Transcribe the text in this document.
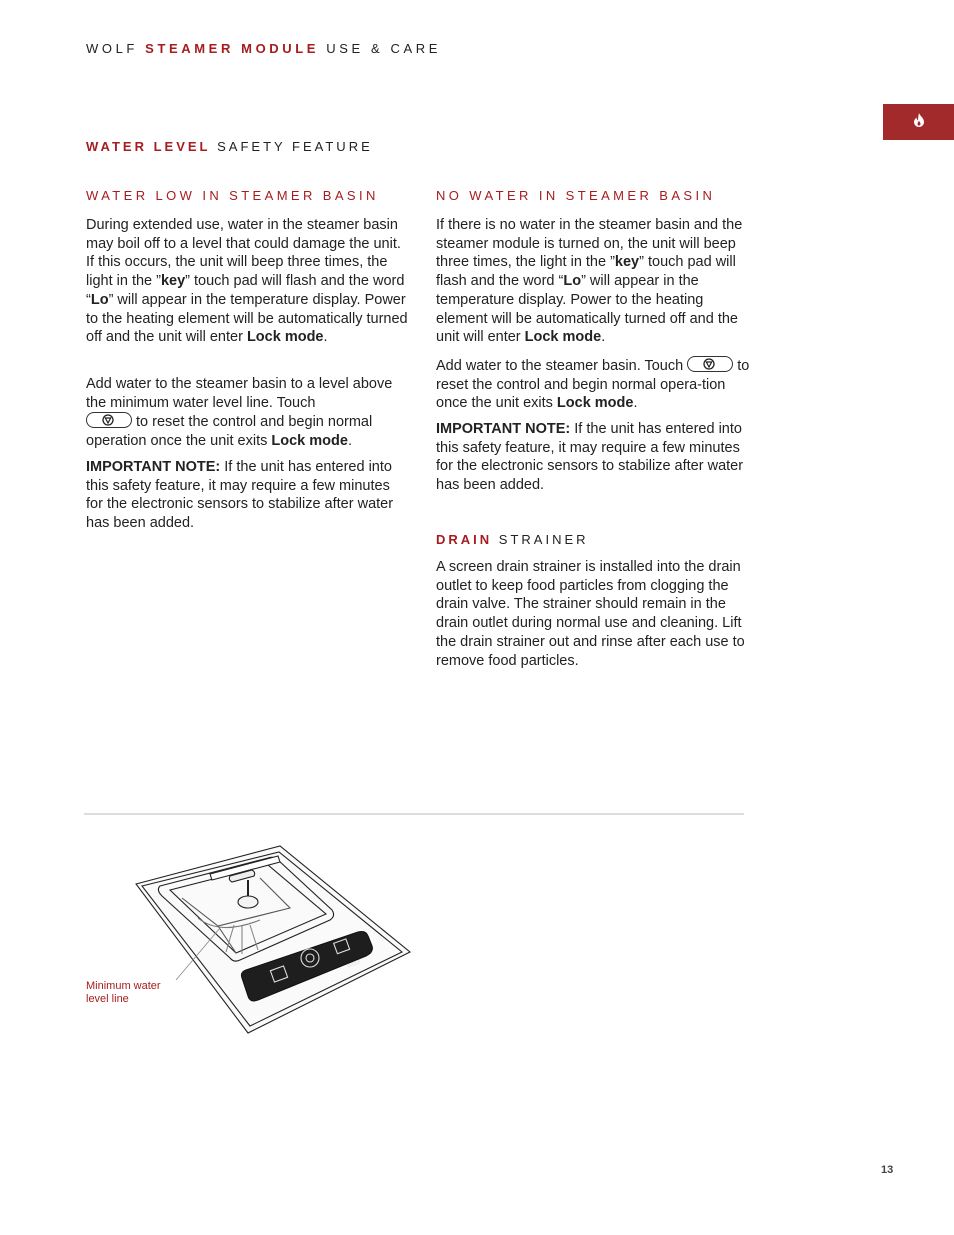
WOLF STEAMER MODULE USE & CARE
WATER LEVEL SAFETY FEATURE
WATER LOW IN STEAMER BASIN

During extended use, water in the steamer basin may boil off to a level that could damage the unit. If this occurs, the unit will beep three times, the light in the ”key” touch pad will flash and the word “Lo” will appear in the temperature display. Power to the heating element will be automatically turned off and the unit will enter Lock mode.

Add water to the steamer basin to a level above the minimum water level line. Touch

to reset the control and begin normal operation once the unit exits Lock mode.

IMPORTANT NOTE: If the unit has entered into this safety feature, it may require a few minutes for the electronic sensors to stabilize after water has been added.

NO WATER IN STEAMER BASIN

If there is no water in the steamer basin and the steamer module is turned on, the unit will beep three times, the light in the ”key” touch pad will flash and the word “Lo” will appear in the temperature display. Power to the heating element will be automatically turned off and the unit will enter Lock mode.

Add water to the steamer basin. Touch	to reset the control and begin normal opera-tion once the unit exits Lock mode.

IMPORTANT NOTE: If the unit has entered into this safety feature, it may require a few minutes for the electronic sensors to stabilize after water has been added.

DRAIN STRAINER

A screen drain strainer is installed into the drain outlet to keep food particles from clogging the drain valve. The strainer should remain in the drain outlet during normal use and cleaning. Lift the drain strainer out and rinse after each use to remove food particles.

WOLF
Minimum water
level line
13
